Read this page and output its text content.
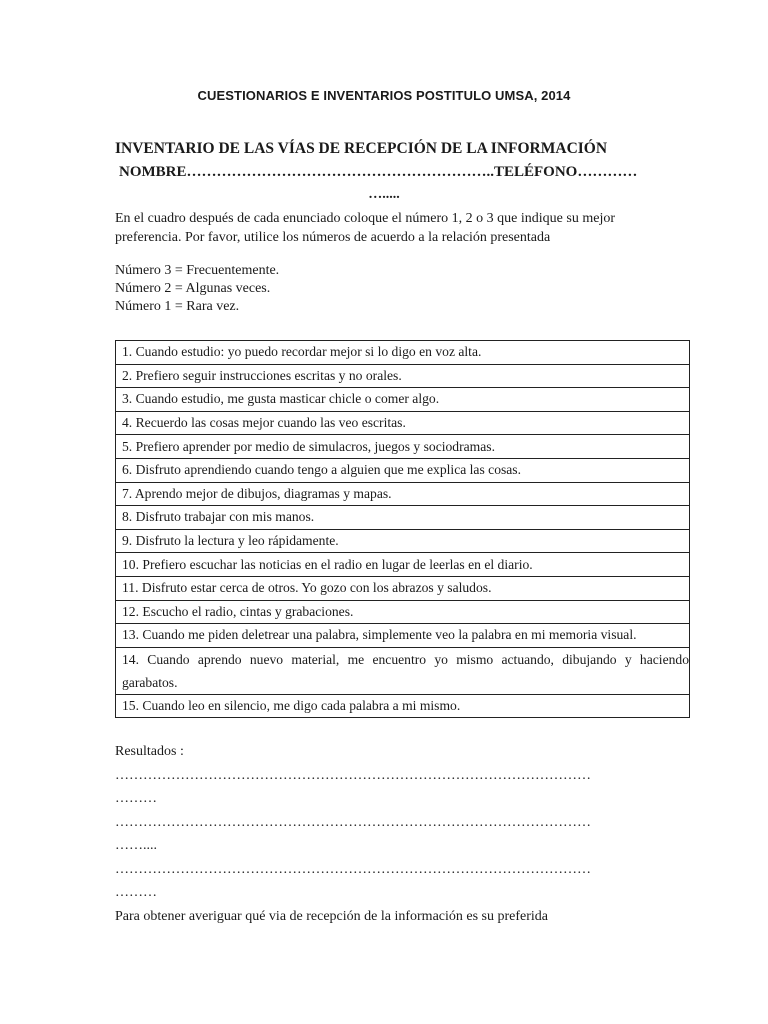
CUESTIONARIOS E INVENTARIOS POSTITULO UMSA, 2014
INVENTARIO DE LAS VÍAS DE RECEPCIÓN DE LA INFORMACIÓN
NOMBRE……………………………………………………..TELÉFONO…………
….....
En el cuadro después de cada enunciado coloque el número 1, 2 o 3 que indique su mejor preferencia. Por favor, utilice los números de acuerdo a la relación presentada
Número 3 = Frecuentemente.
Número 2 = Algunas veces.
Número 1 = Rara vez.
1. Cuando estudio: yo puedo recordar mejor si lo digo en voz alta.
2. Prefiero seguir instrucciones escritas y no orales.
3. Cuando estudio, me gusta masticar chicle o comer algo.
4. Recuerdo las cosas mejor cuando las veo escritas.
5. Prefiero aprender por medio de simulacros, juegos y sociodramas.
6. Disfruto aprendiendo cuando tengo a alguien que me explica las cosas.
7. Aprendo mejor de dibujos, diagramas y mapas.
8. Disfruto trabajar con mis manos.
9. Disfruto la lectura y leo rápidamente.
10. Prefiero escuchar las noticias en el radio en lugar de leerlas en el diario.
11. Disfruto estar cerca de otros. Yo gozo con los abrazos y saludos.
12. Escucho el radio, cintas y grabaciones.
13. Cuando me piden deletrear una palabra, simplemente veo la palabra en mi memoria visual.

14. Cuando aprendo nuevo material, me encuentro yo mismo actuando, dibujando y haciendo garabatos.

15. Cuando leo en silencio, me digo cada palabra a mi mismo.
Resultados :
…………………………………………………………………………………………
………
…………………………………………………………………………………………
……....
…………………………………………………………………………………………
………
Para obtener averiguar qué via de recepción de la información es su preferida
